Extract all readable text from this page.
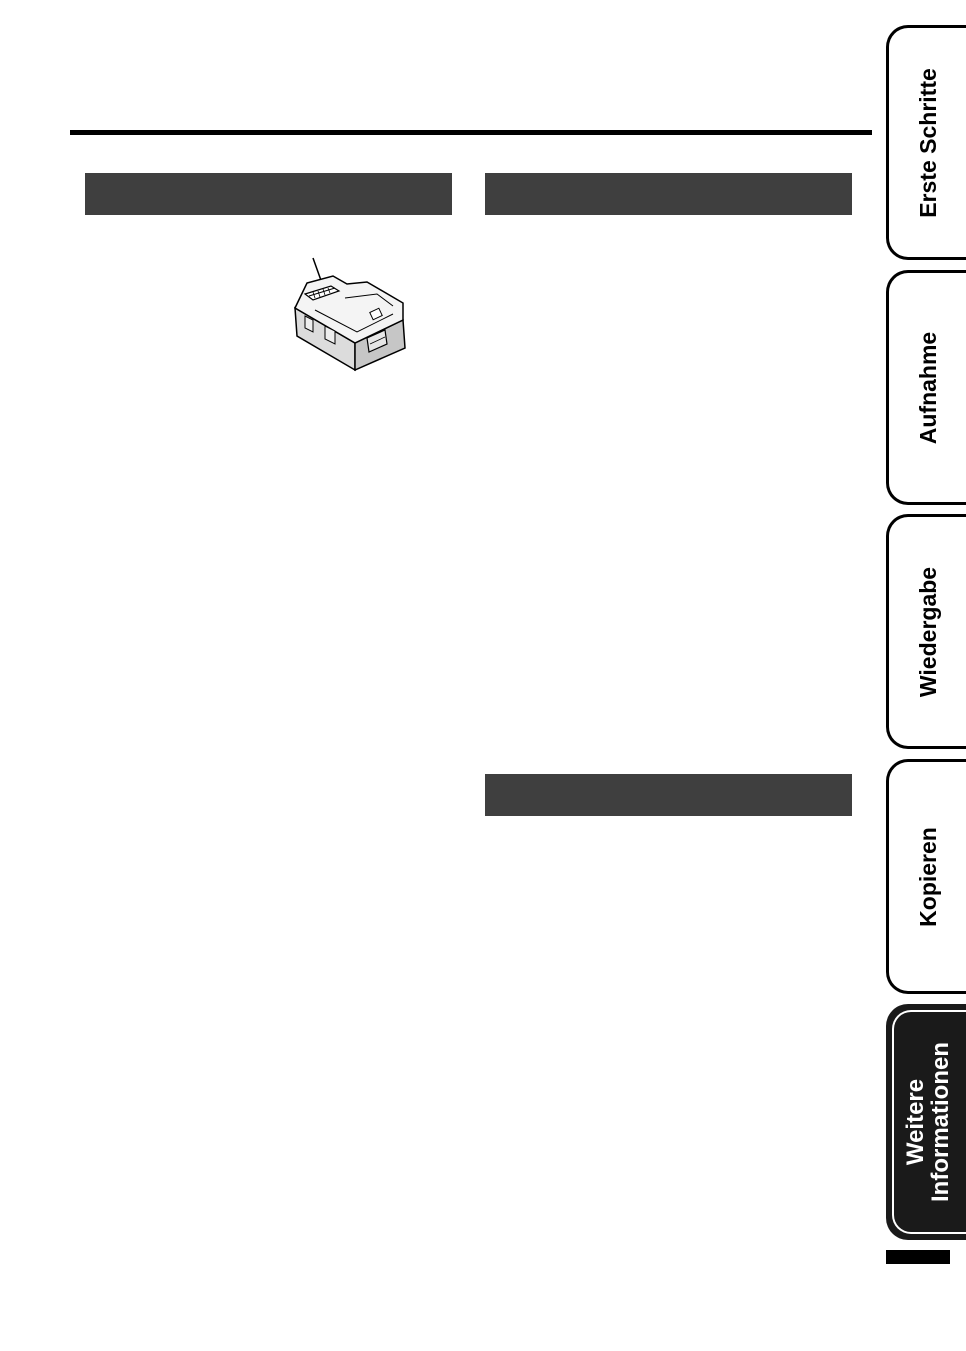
Erste Schritte
Aufnahme
Wiedergabe
Kopieren
Weitere
Informationen
